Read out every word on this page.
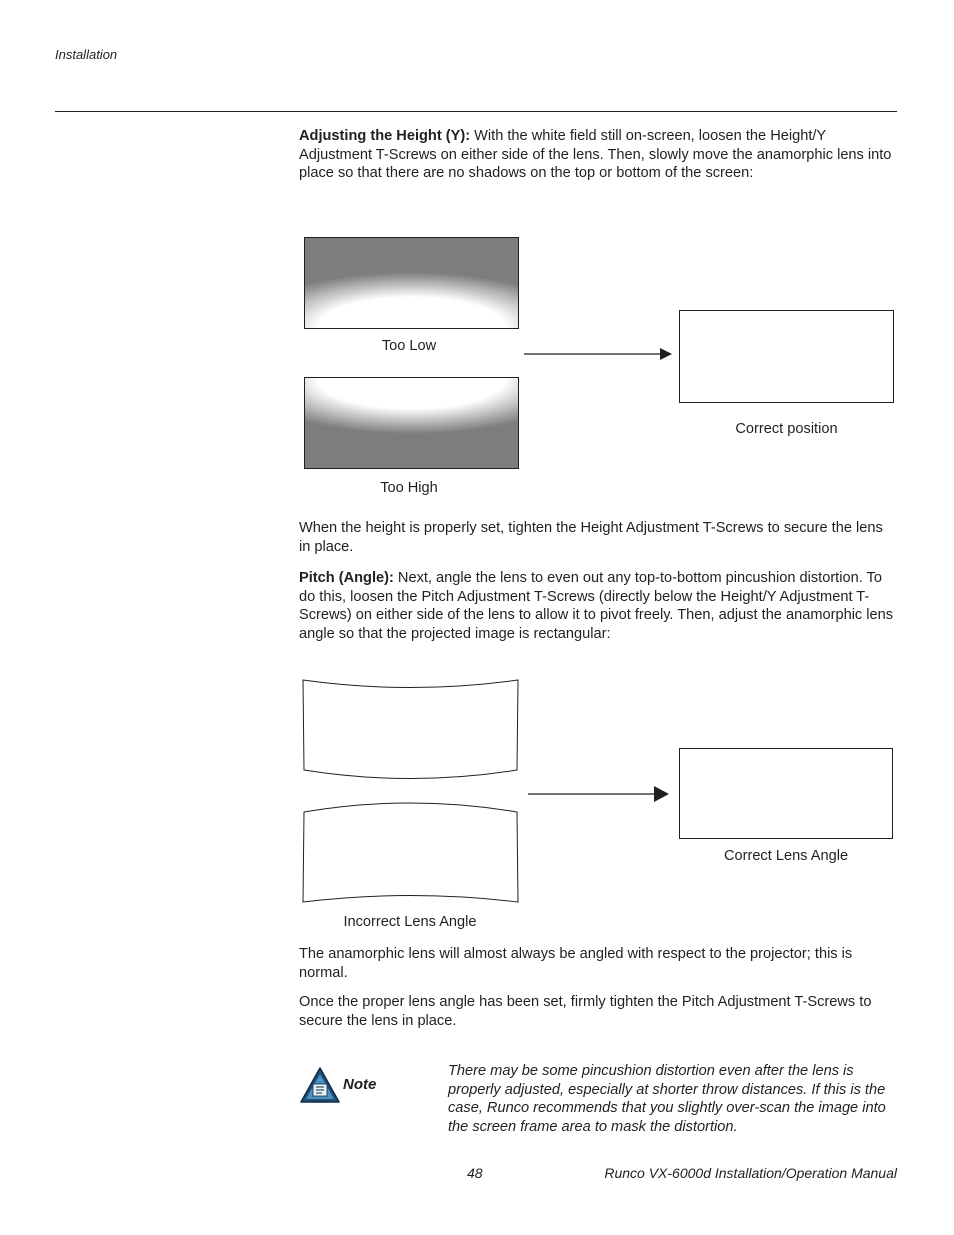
Installation

Adjusting the Height (Y): With the white field still on-screen, loosen the Height/Y Adjustment T-Screws on either side of the lens. Then, slowly move the anamorphic lens into place so that there are no shadows on the top or bottom of the screen:

Too Low
Too High
Correct position

When the height is properly set, tighten the Height Adjustment T-Screws to secure the lens in place.

Pitch (Angle): Next, angle the lens to even out any top-to-bottom pincushion distortion. To do this, loosen the Pitch Adjustment T-Screws (directly below the Height/Y Adjustment T-Screws) on either side of the lens to allow it to pivot freely. Then, adjust the anamorphic lens angle so that the projected image is rectangular:

Incorrect Lens Angle
Correct Lens Angle

The anamorphic lens will almost always be angled with respect to the projector; this is normal.

Once the proper lens angle has been set, firmly tighten the Pitch Adjustment T-Screws to secure the lens in place.

Note

There may be some pincushion distortion even after the lens is properly adjusted, especially at shorter throw distances. If this is the case, Runco recommends that you slightly over-scan the image into the screen frame area to mask the distortion.

48	Runco VX-6000d Installation/Operation Manual
